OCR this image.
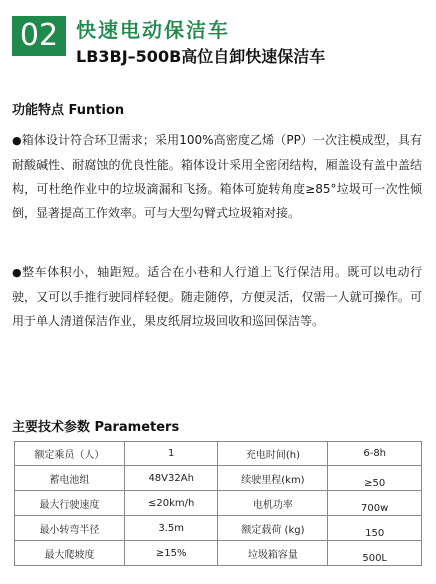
02 快速电动保洁车
LB3BJ–500B高位自卸快速保洁车
功能特点 Funtion

●箱体设计符合环卫需求；采用100%高密度乙烯（PP）一次注模成型，具有耐酸碱性、耐腐蚀的优良性能。箱体设计采用全密闭结构，厢盖设有盖中盖结构，可杜绝作业中的垃圾滴漏和飞扬。箱体可旋转角度≥85°垃圾可一次性倾倒，显著提高工作效率。可与大型勾臂式垃圾箱对接。

●整车体积小，轴距短。适合在小巷和人行道上飞行保洁用。既可以电动行驶，又可以手推行驶同样轻便。随走随停，方便灵活，仅需一人就可操作。可用于单人清道保洁作业，果皮纸屑垃圾回收和巡回保洁等。

主要技术参数 Parameters
额定乘员（人）	1	充电时间(h)	6-8h
蓄电池组	48V32Ah	续驶里程(km)	≥50
最大行驶速度	≤20km/h	电机功率	700w
最小转弯半径	3.5m	额定载荷 (kg)	150
最大爬坡度	≥15%	垃圾箱容量	500L
